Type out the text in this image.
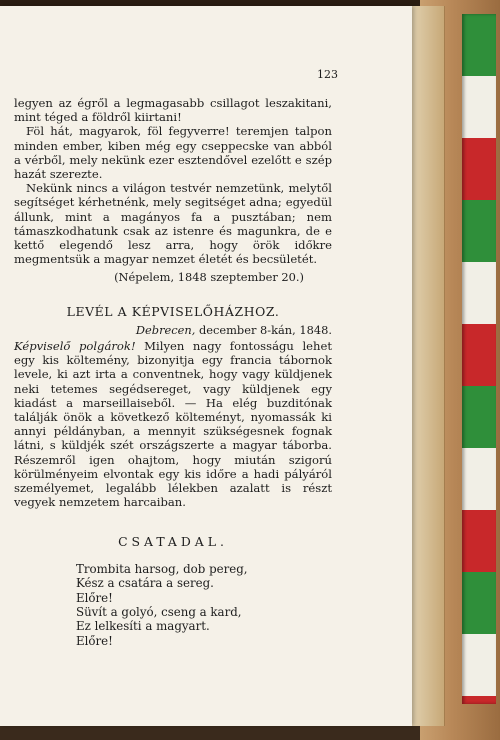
123

legyen az égről a legmagasabb csillagot leszakitani, mint téged a földről kiirtani!

Föl hát, magyarok, föl fegyverre! teremjen talpon minden ember, kiben még egy cseppecske van abból a vérből, mely nekünk ezer esztendővel ezelőtt e szép hazát szerezte.

Nekünk nincs a világon testvér nemzetünk, melytől segítséget kérhetnénk, mely segitséget adna; egyedül állunk, mint a magányos fa a pusztában; nem támaszkodhatunk csak az istenre és magunkra, de e kettő elegendő lesz arra, hogy örök időkre megmentsük a magyar nemzet életét és becsületét.

(Népelem, 1848 szeptember 20.)

LEVÉL A KÉPVISELŐHÁZHOZ.

Debrecen, december 8-kán, 1848.

Képviselő polgárok! Milyen nagy fontosságu lehet egy kis költemény, bizonyitja egy francia tábornok levele, ki azt irta a conventnek, hogy vagy küldjenek neki tetemes segédsereget, vagy küldjenek egy kiadást a marseillaiseből. — Ha elég buzditónak találják önök a következő költeményt, nyomassák ki annyi példányban, a mennyit szükségesnek fognak látni, s küldjék szét országszerte a magyar táborba. Részemről igen ohajtom, hogy miután szigorú körülményeim elvontak egy kis időre a hadi pályáról személyemet, legalább lélekben azalatt is részt vegyek nemzetem harcaiban.

CSATADAL.
Trombita harsog, dob pereg,
Kész a csatára a sereg.
Előre!
Süvít a golyó, cseng a kard,
Ez lelkesíti a magyart.
Előre!
